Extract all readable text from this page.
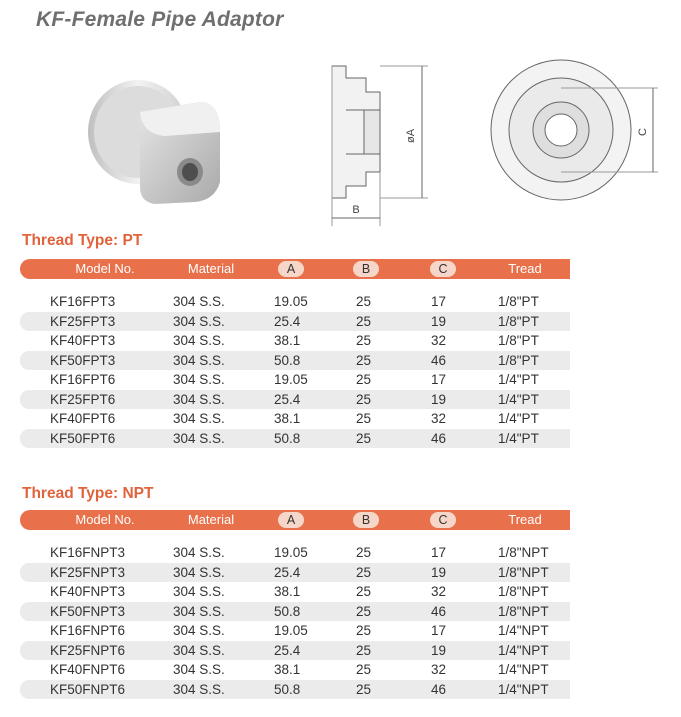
KF-Female Pipe Adaptor
B
øA	C
Thread Type: PT
Model No.	Material	A	B	C	Tread
KF16FPT3	304 S.S.	19.05	25	17	1/8"PT
KF25FPT3	304 S.S.	25.4	25	19	1/8"PT
KF40FPT3	304 S.S.	38.1	25	32	1/8"PT
KF50FPT3	304 S.S.	50.8	25	46	1/8"PT
KF16FPT6	304 S.S.	19.05	25	17	1/4"PT
KF25FPT6	304 S.S.	25.4	25	19	1/4"PT
KF40FPT6	304 S.S.	38.1	25	32	1/4"PT
KF50FPT6	304 S.S.	50.8	25	46	1/4"PT
Thread Type: NPT
Model No.	Material	A	B	C	Tread
KF16FNPT3	304 S.S.	19.05	25	17	1/8"NPT
KF25FNPT3	304 S.S.	25.4	25	19	1/8"NPT
KF40FNPT3	304 S.S.	38.1	25	32	1/8"NPT
KF50FNPT3	304 S.S.	50.8	25	46	1/8"NPT
KF16FNPT6	304 S.S.	19.05	25	17	1/4"NPT
KF25FNPT6	304 S.S.	25.4	25	19	1/4"NPT
KF40FNPT6	304 S.S.	38.1	25	32	1/4"NPT
KF50FNPT6	304 S.S.	50.8	25	46	1/4"NPT
